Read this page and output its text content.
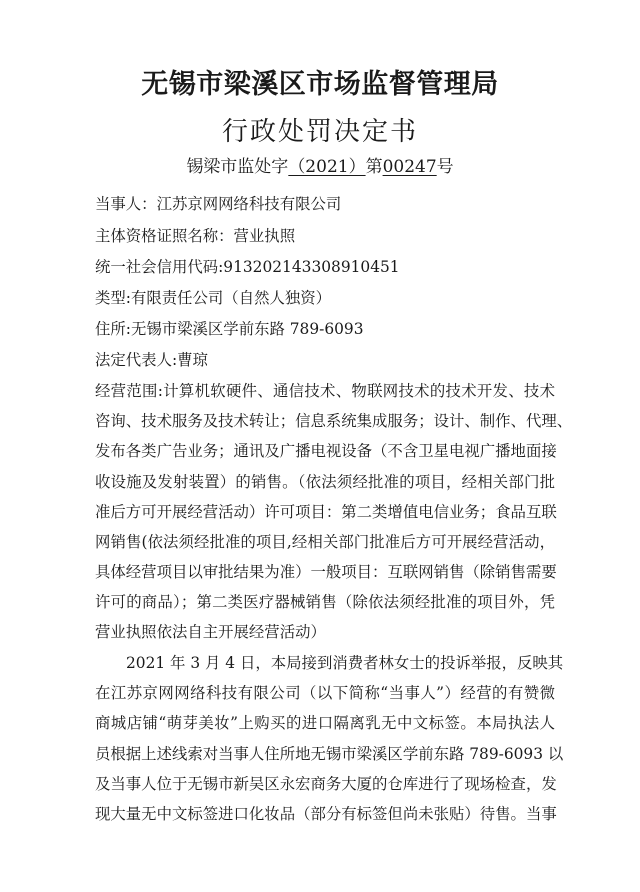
无锡市梁溪区市场监督管理局
行政处罚决定书
锡梁市监处字（2021）第00247号
当事人：江苏京网网络科技有限公司
主体资格证照名称：营业执照
统一社会信用代码:913202143308910451
类型:有限责任公司（自然人独资）
住所:无锡市梁溪区学前东路 789-6093
法定代表人:曹琼
经营范围:计算机软硬件、通信技术、物联网技术的技术开发、技术
咨询、技术服务及技术转让；信息系统集成服务；设计、制作、代理、
发布各类广告业务；通讯及广播电视设备（不含卫星电视广播地面接
收设施及发射装置）的销售。（依法须经批准的项目，经相关部门批
准后方可开展经营活动）许可项目：第二类增值电信业务；食品互联
网销售(依法须经批准的项目,经相关部门批准后方可开展经营活动，
具体经营项目以审批结果为准）一般项目：互联网销售（除销售需要
许可的商品）；第二类医疗器械销售（除依法须经批准的项目外，凭
营业执照依法自主开展经营活动）
2021 年 3 月 4 日，本局接到消费者林女士的投诉举报，反映其
在江苏京网网络科技有限公司（以下简称“当事人”）经营的有赞微
商城店铺“萌芽美妆”上购买的进口隔离乳无中文标签。本局执法人
员根据上述线索对当事人住所地无锡市梁溪区学前东路 789-6093 以
及当事人位于无锡市新吴区永宏商务大厦的仓库进行了现场检查，发
现大量无中文标签进口化妆品（部分有标签但尚未张贴）待售。当事
